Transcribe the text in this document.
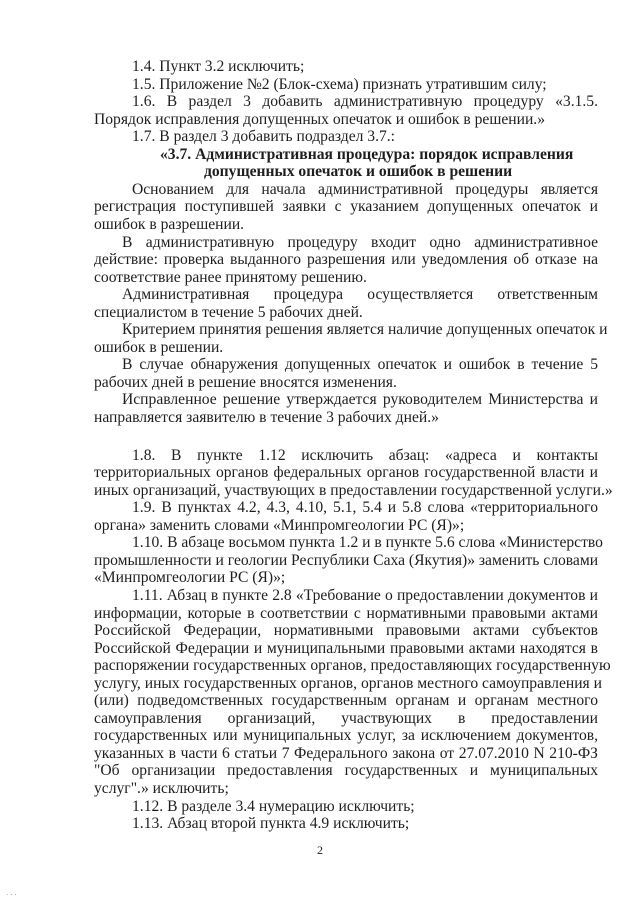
1.4. Пункт 3.2 исключить;
1.5. Приложение №2 (Блок-схема) признать утратившим силу;
1.6. В раздел 3 добавить административную процедуру «3.1.5.
Порядок исправления допущенных опечаток и ошибок в решении.»
1.7. В раздел 3 добавить подраздел 3.7.:
«3.7. Административная процедура: порядок исправления
допущенных опечаток и ошибок в решении
Основанием для начала административной процедуры является
регистрация поступившей заявки с указанием допущенных опечаток и
ошибок в разрешении.
В административную процедуру входит одно административное
действие: проверка выданного разрешения или уведомления об отказе на
соответствие ранее принятому решению.
Административная процедура осуществляется ответственным
специалистом в течение 5 рабочих дней.
Критерием принятия решения является наличие допущенных опечаток и
ошибок в решении.
В случае обнаружения допущенных опечаток и ошибок в течение 5
рабочих дней в решение вносятся изменения.
Исправленное решение утверждается руководителем Министерства и
направляется заявителю в течение 3 рабочих дней.»
1.8. В пункте 1.12 исключить абзац: «адреса и контакты
территориальных органов федеральных органов государственной власти и
иных организаций, участвующих в предоставлении государственной услуги.»
1.9. В пунктах 4.2, 4.3, 4.10, 5.1, 5.4 и 5.8 слова «территориального
органа» заменить словами «Минпромгеологии РС (Я)»;
1.10. В абзаце восьмом пункта 1.2 и в пункте 5.6 слова «Министерство
промышленности и геологии Республики Саха (Якутия)» заменить словами
«Минпромгеологии РС (Я)»;
1.11. Абзац в пункте 2.8 «Требование о предоставлении документов и
информации, которые в соответствии с нормативными правовыми актами
Российской Федерации, нормативными правовыми актами субъектов
Российской Федерации и муниципальными правовыми актами находятся в
распоряжении государственных органов, предоставляющих государственную
услугу, иных государственных органов, органов местного самоуправления и
(или) подведомственных государственным органам и органам местного
самоуправления организаций, участвующих в предоставлении
государственных или муниципальных услуг, за исключением документов,
указанных в части 6 статьи 7 Федерального закона от 27.07.2010 N 210-ФЗ
"Об организации предоставления государственных и муниципальных
услуг".» исключить;
1.12. В разделе 3.4 нумерацию исключить;
1.13. Абзац второй пункта 4.9 исключить;
2
· · ·
